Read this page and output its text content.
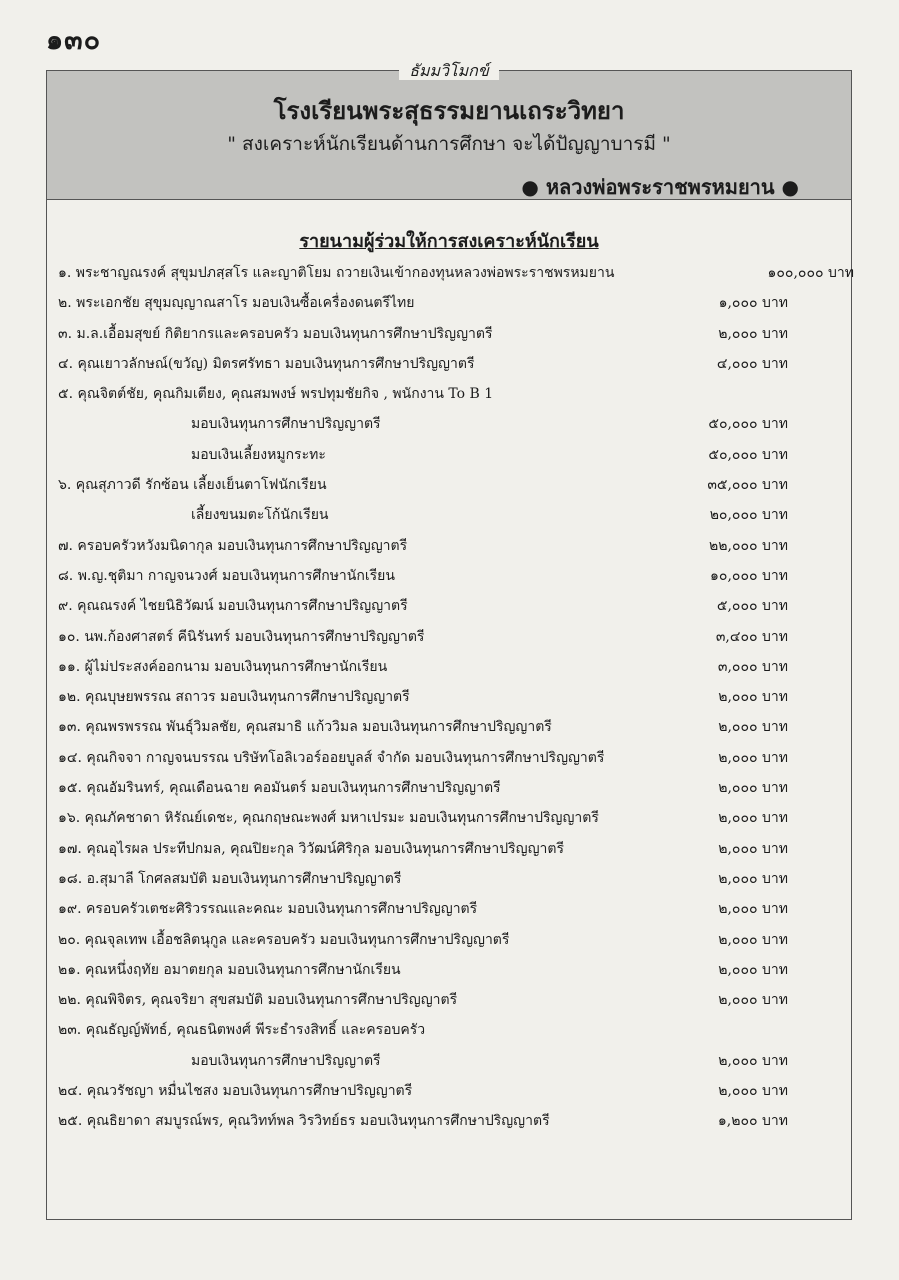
๑๓๐
โรงเรียนพระสุธรรมยานเถระวิทยา
" สงเคราะห์นักเรียนด้านการศึกษา จะได้ปัญญาบารมี "
● หลวงพ่อพระราชพรหมยาน ●
ธัมมวิโมกข์
รายนามผู้ร่วมให้การสงเคราะห์นักเรียน
๑. พระชาญณรงค์ สุขุมปภสฺสโร และญาติโยม ถวายเงินเข้ากองทุนหลวงพ่อพระราชพรหมยาน	๑๐๐,๐๐๐ บาท
๒. พระเอกชัย สุขุมญฺญาณสาโร มอบเงินซื้อเครื่องดนตรีไทย	๑,๐๐๐ บาท
๓. ม.ล.เอื้อมสุขย์ กิติยากรและครอบครัว มอบเงินทุนการศึกษาปริญญาตรี	๒,๐๐๐ บาท
๔. คุณเยาวลักษณ์(ขวัญ) มิตรศรัทธา มอบเงินทุนการศึกษาปริญญาตรี	๔,๐๐๐ บาท
๕. คุณจิตต์ชัย, คุณกิมเตียง, คุณสมพงษ์ พรปทุมชัยกิจ , พนักงาน To B 1
มอบเงินทุนการศึกษาปริญญาตรี	๕๐,๐๐๐ บาท
มอบเงินเลี้ยงหมูกระทะ	๕๐,๐๐๐ บาท
๖. คุณสุภาวดี รักซ้อน เลี้ยงเย็นตาโฟนักเรียน	๓๕,๐๐๐ บาท
เลี้ยงขนมตะโก้นักเรียน	๒๐,๐๐๐ บาท
๗. ครอบครัวหวังมนิดากุล มอบเงินทุนการศึกษาปริญญาตรี	๒๒,๐๐๐ บาท
๘. พ.ญ.ชุติมา กาญจนวงศ์ มอบเงินทุนการศึกษานักเรียน	๑๐,๐๐๐ บาท
๙. คุณณรงค์ ไชยนิธิวัฒน์ มอบเงินทุนการศึกษาปริญญาตรี	๕,๐๐๐ บาท
๑๐. นพ.ก้องศาสตร์ คีนิรันทร์ มอบเงินทุนการศึกษาปริญญาตรี	๓,๔๐๐ บาท
๑๑. ผู้ไม่ประสงค์ออกนาม มอบเงินทุนการศึกษานักเรียน	๓,๐๐๐ บาท
๑๒. คุณบุษยพรรณ สถาวร มอบเงินทุนการศึกษาปริญญาตรี	๒,๐๐๐ บาท
๑๓. คุณพรพรรณ พันธุ์วิมลชัย, คุณสมาธิ แก้ววิมล มอบเงินทุนการศึกษาปริญญาตรี	๒,๐๐๐ บาท
๑๔. คุณกิจจา กาญจนบรรณ บริษัทโอลิเวอร์ออยบูลส์ จำกัด มอบเงินทุนการศึกษาปริญญาตรี	๒,๐๐๐ บาท
๑๕. คุณอัมรินทร์, คุณเดือนฉาย คอมันตร์ มอบเงินทุนการศึกษาปริญญาตรี	๒,๐๐๐ บาท
๑๖. คุณภัคชาดา หิรัณย์เดชะ, คุณกฤษณะพงศ์ มหาเปรมะ มอบเงินทุนการศึกษาปริญญาตรี	๒,๐๐๐ บาท
๑๗. คุณอุไรผล ประทีปกมล, คุณปิยะกุล วิวัฒน์ศิริกุล มอบเงินทุนการศึกษาปริญญาตรี	๒,๐๐๐ บาท
๑๘. อ.สุมาลี โกศลสมบัติ มอบเงินทุนการศึกษาปริญญาตรี	๒,๐๐๐ บาท
๑๙. ครอบครัวเตชะศิริวรรณและคณะ มอบเงินทุนการศึกษาปริญญาตรี	๒,๐๐๐ บาท
๒๐. คุณจุลเทพ เอื้อชลิตนุกูล และครอบครัว มอบเงินทุนการศึกษาปริญญาตรี	๒,๐๐๐ บาท
๒๑. คุณหนึ่งฤทัย อมาตยกุล มอบเงินทุนการศึกษานักเรียน	๒,๐๐๐ บาท
๒๒. คุณพิจิตร, คุณจริยา สุขสมบัติ มอบเงินทุนการศึกษาปริญญาตรี	๒,๐๐๐ บาท
๒๓. คุณธัญญ์พัทธ์, คุณธนิตพงศ์ พีระธำรงสิทธิ์ และครอบครัว
มอบเงินทุนการศึกษาปริญญาตรี	๒,๐๐๐ บาท
๒๔. คุณวรัชญา หมื่นไชสง มอบเงินทุนการศึกษาปริญญาตรี	๒,๐๐๐ บาท
๒๕. คุณธิยาดา สมบูรณ์พร, คุณวิทท์พล วิรวิทย์ธร มอบเงินทุนการศึกษาปริญญาตรี	๑,๒๐๐ บาท
